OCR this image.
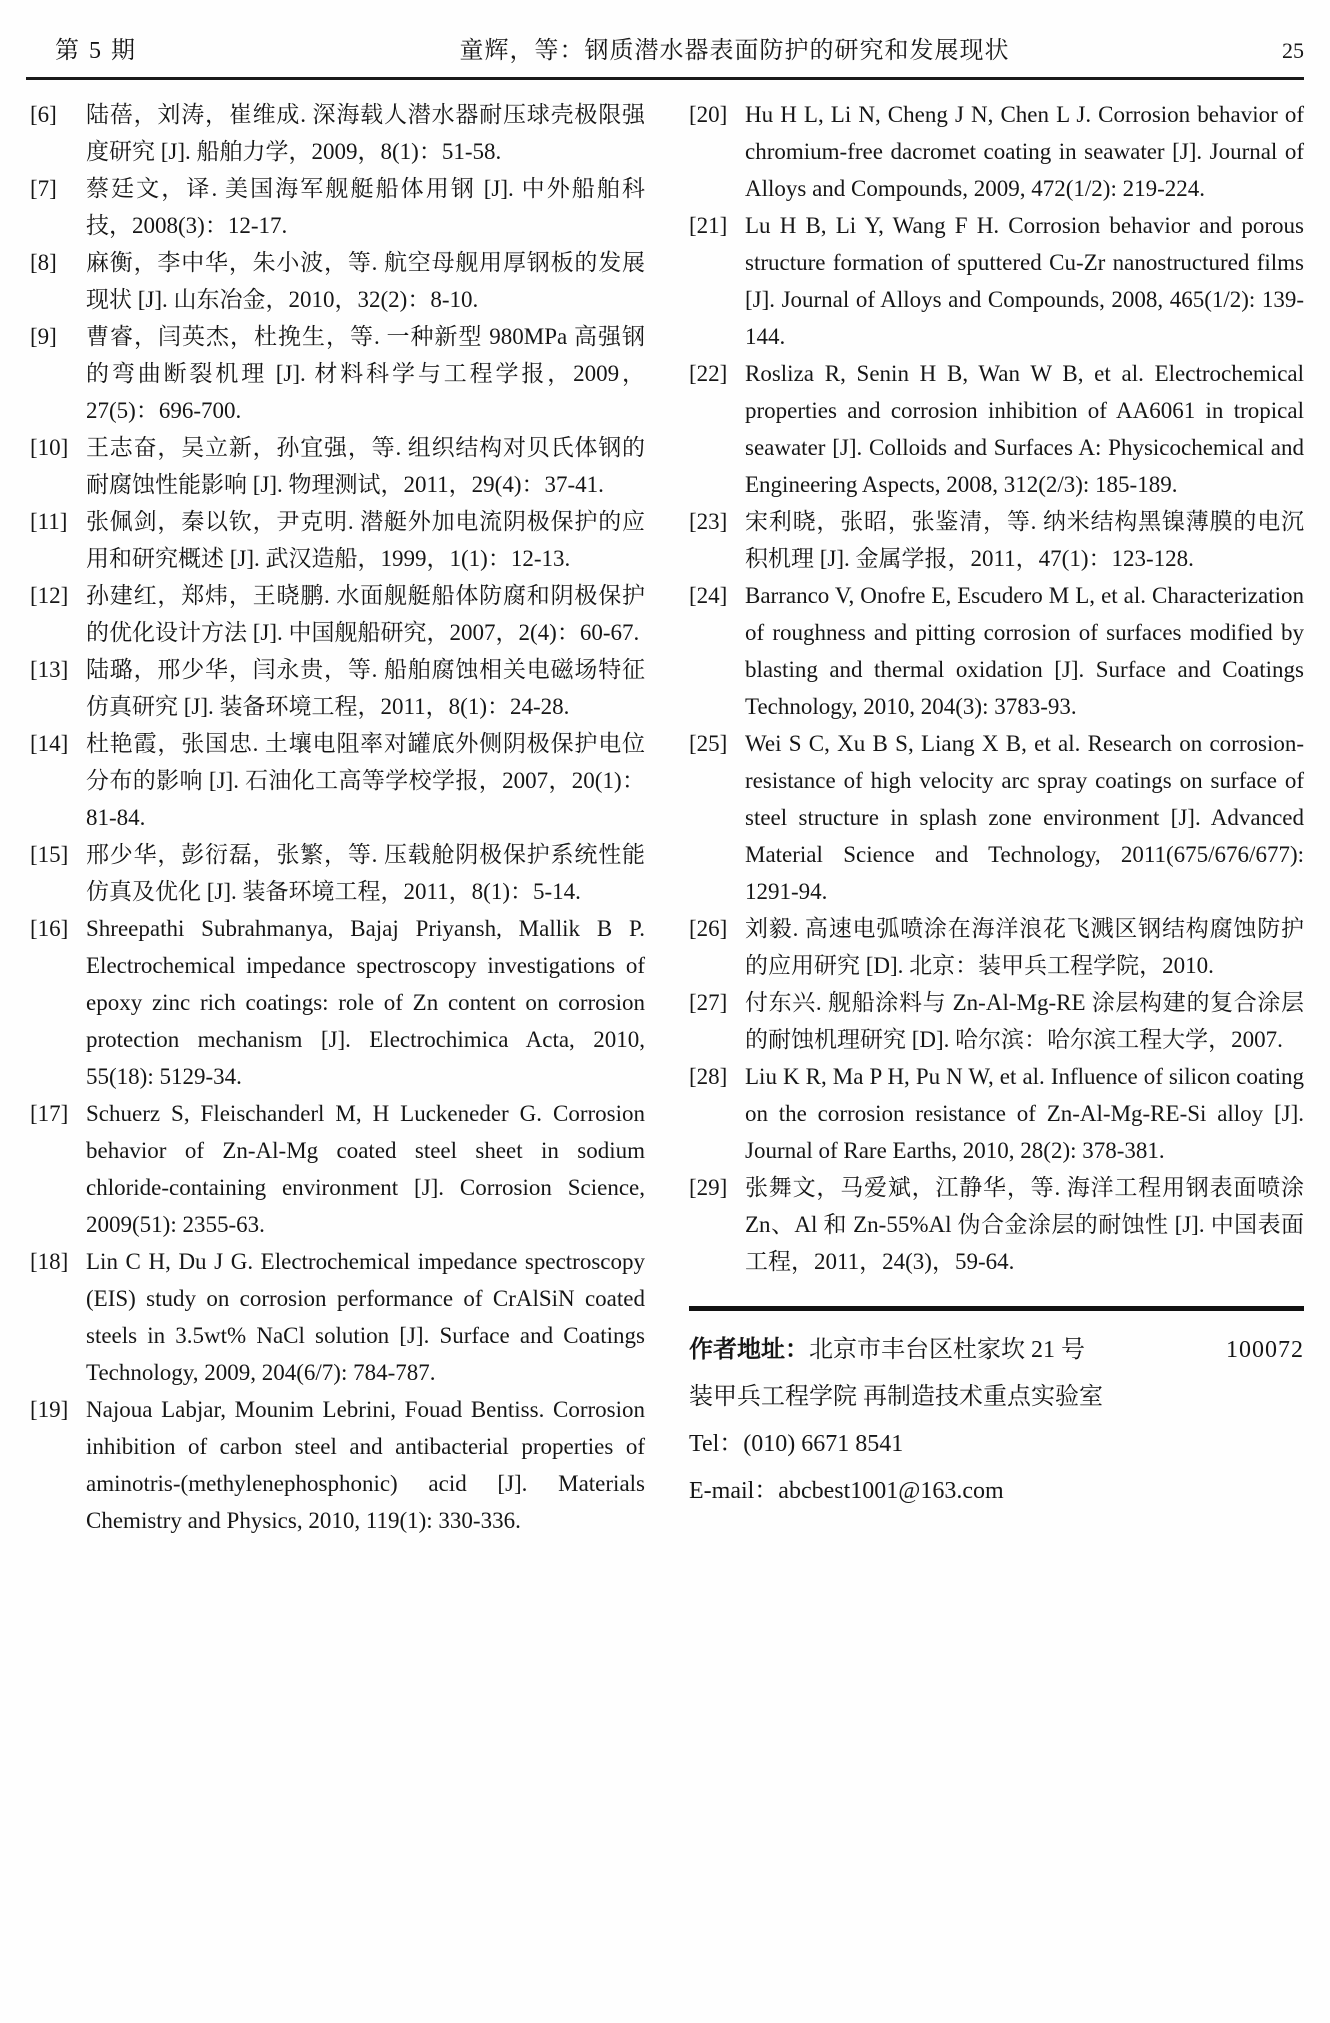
第 5 期	童辉，等：钢质潜水器表面防护的研究和发展现状	25
[6]	陆蓓，刘涛，崔维成. 深海载人潜水器耐压球壳极限强度研究 [J]. 船舶力学，2009，8(1)：51-58.
[7]	蔡廷文，译. 美国海军舰艇船体用钢 [J]. 中外船舶科技，2008(3)：12-17.
[8]	麻衡，李中华，朱小波，等. 航空母舰用厚钢板的发展现状 [J]. 山东冶金，2010，32(2)：8-10.
[9]	曹睿，闫英杰，杜挽生，等. 一种新型 980MPa 高强钢的弯曲断裂机理 [J]. 材料科学与工程学报，2009，27(5)：696-700.
[10] 王志奋，吴立新，孙宜强，等. 组织结构对贝氏体钢的耐腐蚀性能影响 [J]. 物理测试，2011，29(4)：37-41.
[11] 张佩剑，秦以钦，尹克明. 潜艇外加电流阴极保护的应用和研究概述 [J]. 武汉造船，1999，1(1)：12-13.
[12] 孙建红，郑炜，王晓鹏. 水面舰艇船体防腐和阴极保护的优化设计方法 [J]. 中国舰船研究，2007，2(4)：60-67.
[13] 陆璐，邢少华，闫永贵，等. 船舶腐蚀相关电磁场特征仿真研究 [J]. 装备环境工程，2011，8(1)：24-28.
[14] 杜艳霞，张国忠. 土壤电阻率对罐底外侧阴极保护电位分布的影响 [J]. 石油化工高等学校学报，2007，20(1)：81-84.
[15] 邢少华，彭衍磊，张繁，等. 压载舱阴极保护系统性能仿真及优化 [J]. 装备环境工程，2011，8(1)：5-14.
[16] Shreepathi Subrahmanya, Bajaj Priyansh, Mallik B P. Electrochemical impedance spectroscopy investigations of epoxy zinc rich coatings: role of Zn content on corrosion protection mechanism [J]. Electrochimica Acta, 2010, 55(18): 5129-34.
[17] Schuerz S, Fleischanderl M, H Luckeneder G. Corrosion behavior of Zn-Al-Mg coated steel sheet in sodium chloride-containing environment [J]. Corrosion Science, 2009(51): 2355-63.
[18] Lin C H, Du J G. Electrochemical impedance spectroscopy (EIS) study on corrosion performance of CrAlSiN coated steels in 3.5wt% NaCl solution [J]. Surface and Coatings Technology, 2009, 204(6/7): 784-787.
[19] Najoua Labjar, Mounim Lebrini, Fouad Bentiss. Corrosion inhibition of carbon steel and antibacterial properties of aminotris-(methylenephosphonic) acid [J]. Materials Chemistry and Physics, 2010, 119(1): 330-336.
[20] Hu H L, Li N, Cheng J N, Chen L J. Corrosion behavior of chromium-free dacromet coating in seawater [J]. Journal of Alloys and Compounds, 2009, 472(1/2): 219-224.
[21] Lu H B, Li Y, Wang F H. Corrosion behavior and porous structure formation of sputtered Cu-Zr nanostructured films [J]. Journal of Alloys and Compounds, 2008, 465(1/2): 139-144.
[22] Rosliza R, Senin H B, Wan W B, et al. Electrochemical properties and corrosion inhibition of AA6061 in tropical seawater [J]. Colloids and Surfaces A: Physicochemical and Engineering Aspects, 2008, 312(2/3): 185-189.
[23] 宋利晓，张昭，张鉴清，等. 纳米结构黑镍薄膜的电沉积机理 [J]. 金属学报，2011，47(1)：123-128.
[24] Barranco V, Onofre E, Escudero M L, et al. Characterization of roughness and pitting corrosion of surfaces modified by blasting and thermal oxidation [J]. Surface and Coatings Technology, 2010, 204(3): 3783-93.
[25] Wei S C, Xu B S, Liang X B, et al. Research on corrosion-resistance of high velocity arc spray coatings on surface of steel structure in splash zone environment [J]. Advanced Material Science and Technology, 2011(675/676/677): 1291-94.
[26] 刘毅. 高速电弧喷涂在海洋浪花飞溅区钢结构腐蚀防护的应用研究 [D]. 北京：装甲兵工程学院，2010.
[27] 付东兴. 舰船涂料与 Zn-Al-Mg-RE 涂层构建的复合涂层的耐蚀机理研究 [D]. 哈尔滨：哈尔滨工程大学，2007.
[28] Liu K R, Ma P H, Pu N W, et al. Influence of silicon coating on the corrosion resistance of Zn-Al-Mg-RE-Si alloy [J]. Journal of Rare Earths, 2010, 28(2): 378-381.
[29] 张舞文，马爱斌，江静华，等. 海洋工程用钢表面喷涂 Zn、Al 和 Zn-55%Al 伪合金涂层的耐蚀性 [J]. 中国表面工程，2011，24(3)，59-64.
作者地址：北京市丰台区杜家坎 21 号	100072
装甲兵工程学院 再制造技术重点实验室
Tel：(010) 6671 8541
E-mail：abcbest1001@163.com
